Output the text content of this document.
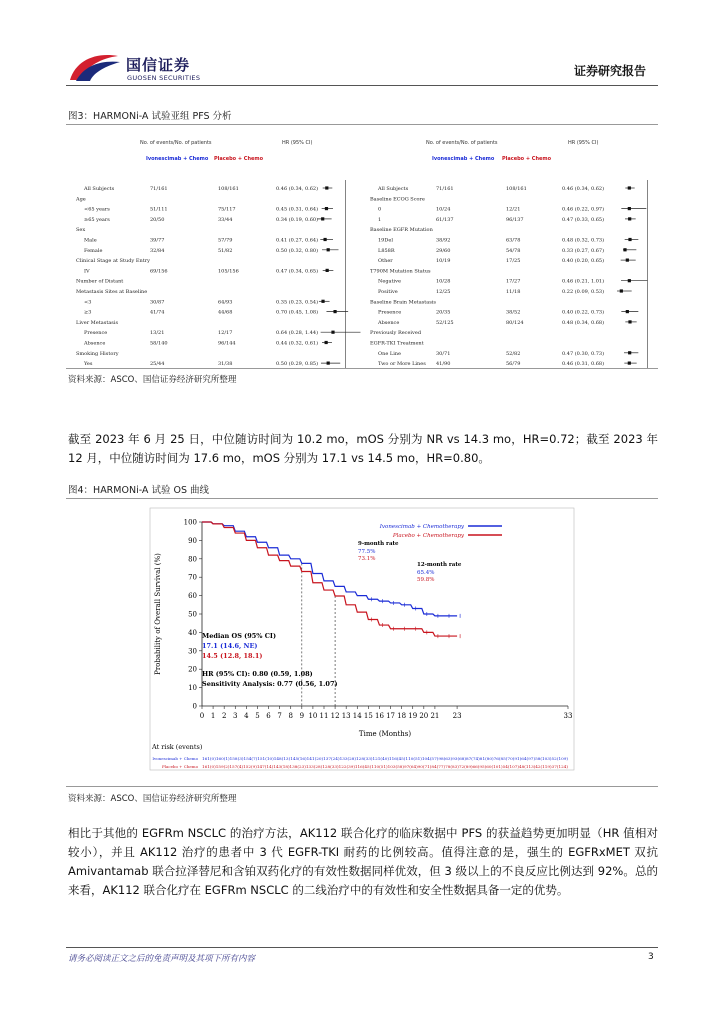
国信证券
GUOSEN SECURITIES	证券研究报告
图3：HARMONi-A 试验亚组 PFS 分析
No. of events/No. of patients	HR (95% CI)
Ivonescimab + Chemo Placebo + Chemo
All Subjects	71/161	108/161	0.46 (0.34, 0.62)
Age
<65 years	51/111	75/117	0.45 (0.31, 0.64)
≥65 years	20/50	33/44	0.34 (0.19, 0.60)
Sex
Male	39/77	57/79	0.41 (0.27, 0.64)
Female	32/84	51/82	0.50 (0.32, 0.80)
Clinical Stage at Study Entry
IV	69/156	105/156	0.47 (0.34, 0.65)
Number of Distant
Metastasis Sites at Baseline
<3	30/87	64/93	0.35 (0.23, 0.54)
≥3	41/74	44/68	0.70 (0.45, 1.08)
Liver Metastasis
Presence	13/21	12/17	0.64 (0.28, 1.44)
Absence	58/140	96/144	0.44 (0.32, 0.61)
Smoking History
Yes	25/44	31/38	0.50 (0.29, 0.85)
No. of events/No. of patients	HR (95% CI)
Ivonescimab + Chemo Placebo + Chemo
All Subjects	71/161	108/161	0.46 (0.34, 0.62)
Baseline ECOG Score
0	10/24	12/21	0.46 (0.22, 0.97)
1	61/137	96/137	0.47 (0.33, 0.65)
Baseline EGFR Mutation
19Del	38/92	63/78	0.48 (0.32, 0.73)
L858R	29/60	54/78	0.33 (0.27, 0.67)
Other	10/19	17/25	0.40 (0.20, 0.65)
T790M Mutation Status
Negative	10/28	17/27	0.46 (0.21, 1.01)
Positive	12/25	11/18	0.22 (0.09, 0.53)
Baseline Brain Metastasis
Presence	20/35	38/52	0.40 (0.22, 0.73)
Absence	52/125	80/124	0.48 (0.34, 0.68)
Previously Received
EGFR-TKI Treatment
One Line	30/71	52/82	0.47 (0.30, 0.73)
Two or More Lines 41/90	56/79	0.46 (0.31, 0.68)
资料来源：ASCO、国信证券经济研究所整理
截至 2023 年 6 月 25 日，中位随访时间为 10.2 mo，mOS 分别为 NR vs 14.3 mo，HR=0.72；截至 2023 年 12 月，中位随访时间为 17.6 mo，mOS 分别为 17.1 vs 14.5 mo，HR=0.80。
图4：HARMONi-A 试验 OS 曲线
0
10
20
30
40
50
60
70
80
90
100
0 1 2 3 4 5 6 7 8 9 10 11 12 13 14 15 16 17 18 19 20 21 23	33
Time (Months)
Probability of Overall Survival (%)
Ivonescimab + Chemotherapy
Placebo + Chemotherapy
9-month rate
77.5%
73.1%
12-month rate
65.4%
59.8%
Median OS (95% CI)
17.1 (14.6, NE)
14.5 (12.8, 18.1)
HR (95% CI): 0.80 (0.59, 1.08)
Sensitivity Analysis: 0.77 (0.56, 1.07)
At risk (events)
Ivonescimab + Chemo 161(0)160(1)158(3)154(7)151(10)148(13)145(16)141(20)137(24)133(28)128(33)121(40)116(45)110(51)104(57)98(63)93(68)87(74)81(80)76(85)70(91)64(97)58(103)52(109)
Placebo + Chemo 161(0)159(2)157(4)152(9)147(14)143(18)138(23)133(28)128(33)122(39)116(45)110(51)103(58)97(64)90(71)84(77)78(83)72(89)66(95)60(101)54(107)48(113)42(119)37(124)
资料来源：ASCO、国信证券经济研究所整理
相比于其他的 EGFRm NSCLC 的治疗方法，AK112 联合化疗的临床数据中 PFS 的获益趋势更加明显（HR 值相对较小），并且 AK112 治疗的患者中 3 代 EGFR-TKI 耐药的比例较高。值得注意的是，强生的 EGFRxMET 双抗 Amivantamab 联合拉泽替尼和含铂双药化疗的有效性数据同样优效，但 3 级以上的不良反应比例达到 92%。总的来看，AK112 联合化疗在 EGFRm NSCLC 的二线治疗中的有效性和安全性数据具备一定的优势。
请务必阅读正文之后的免责声明及其项下所有内容	3
